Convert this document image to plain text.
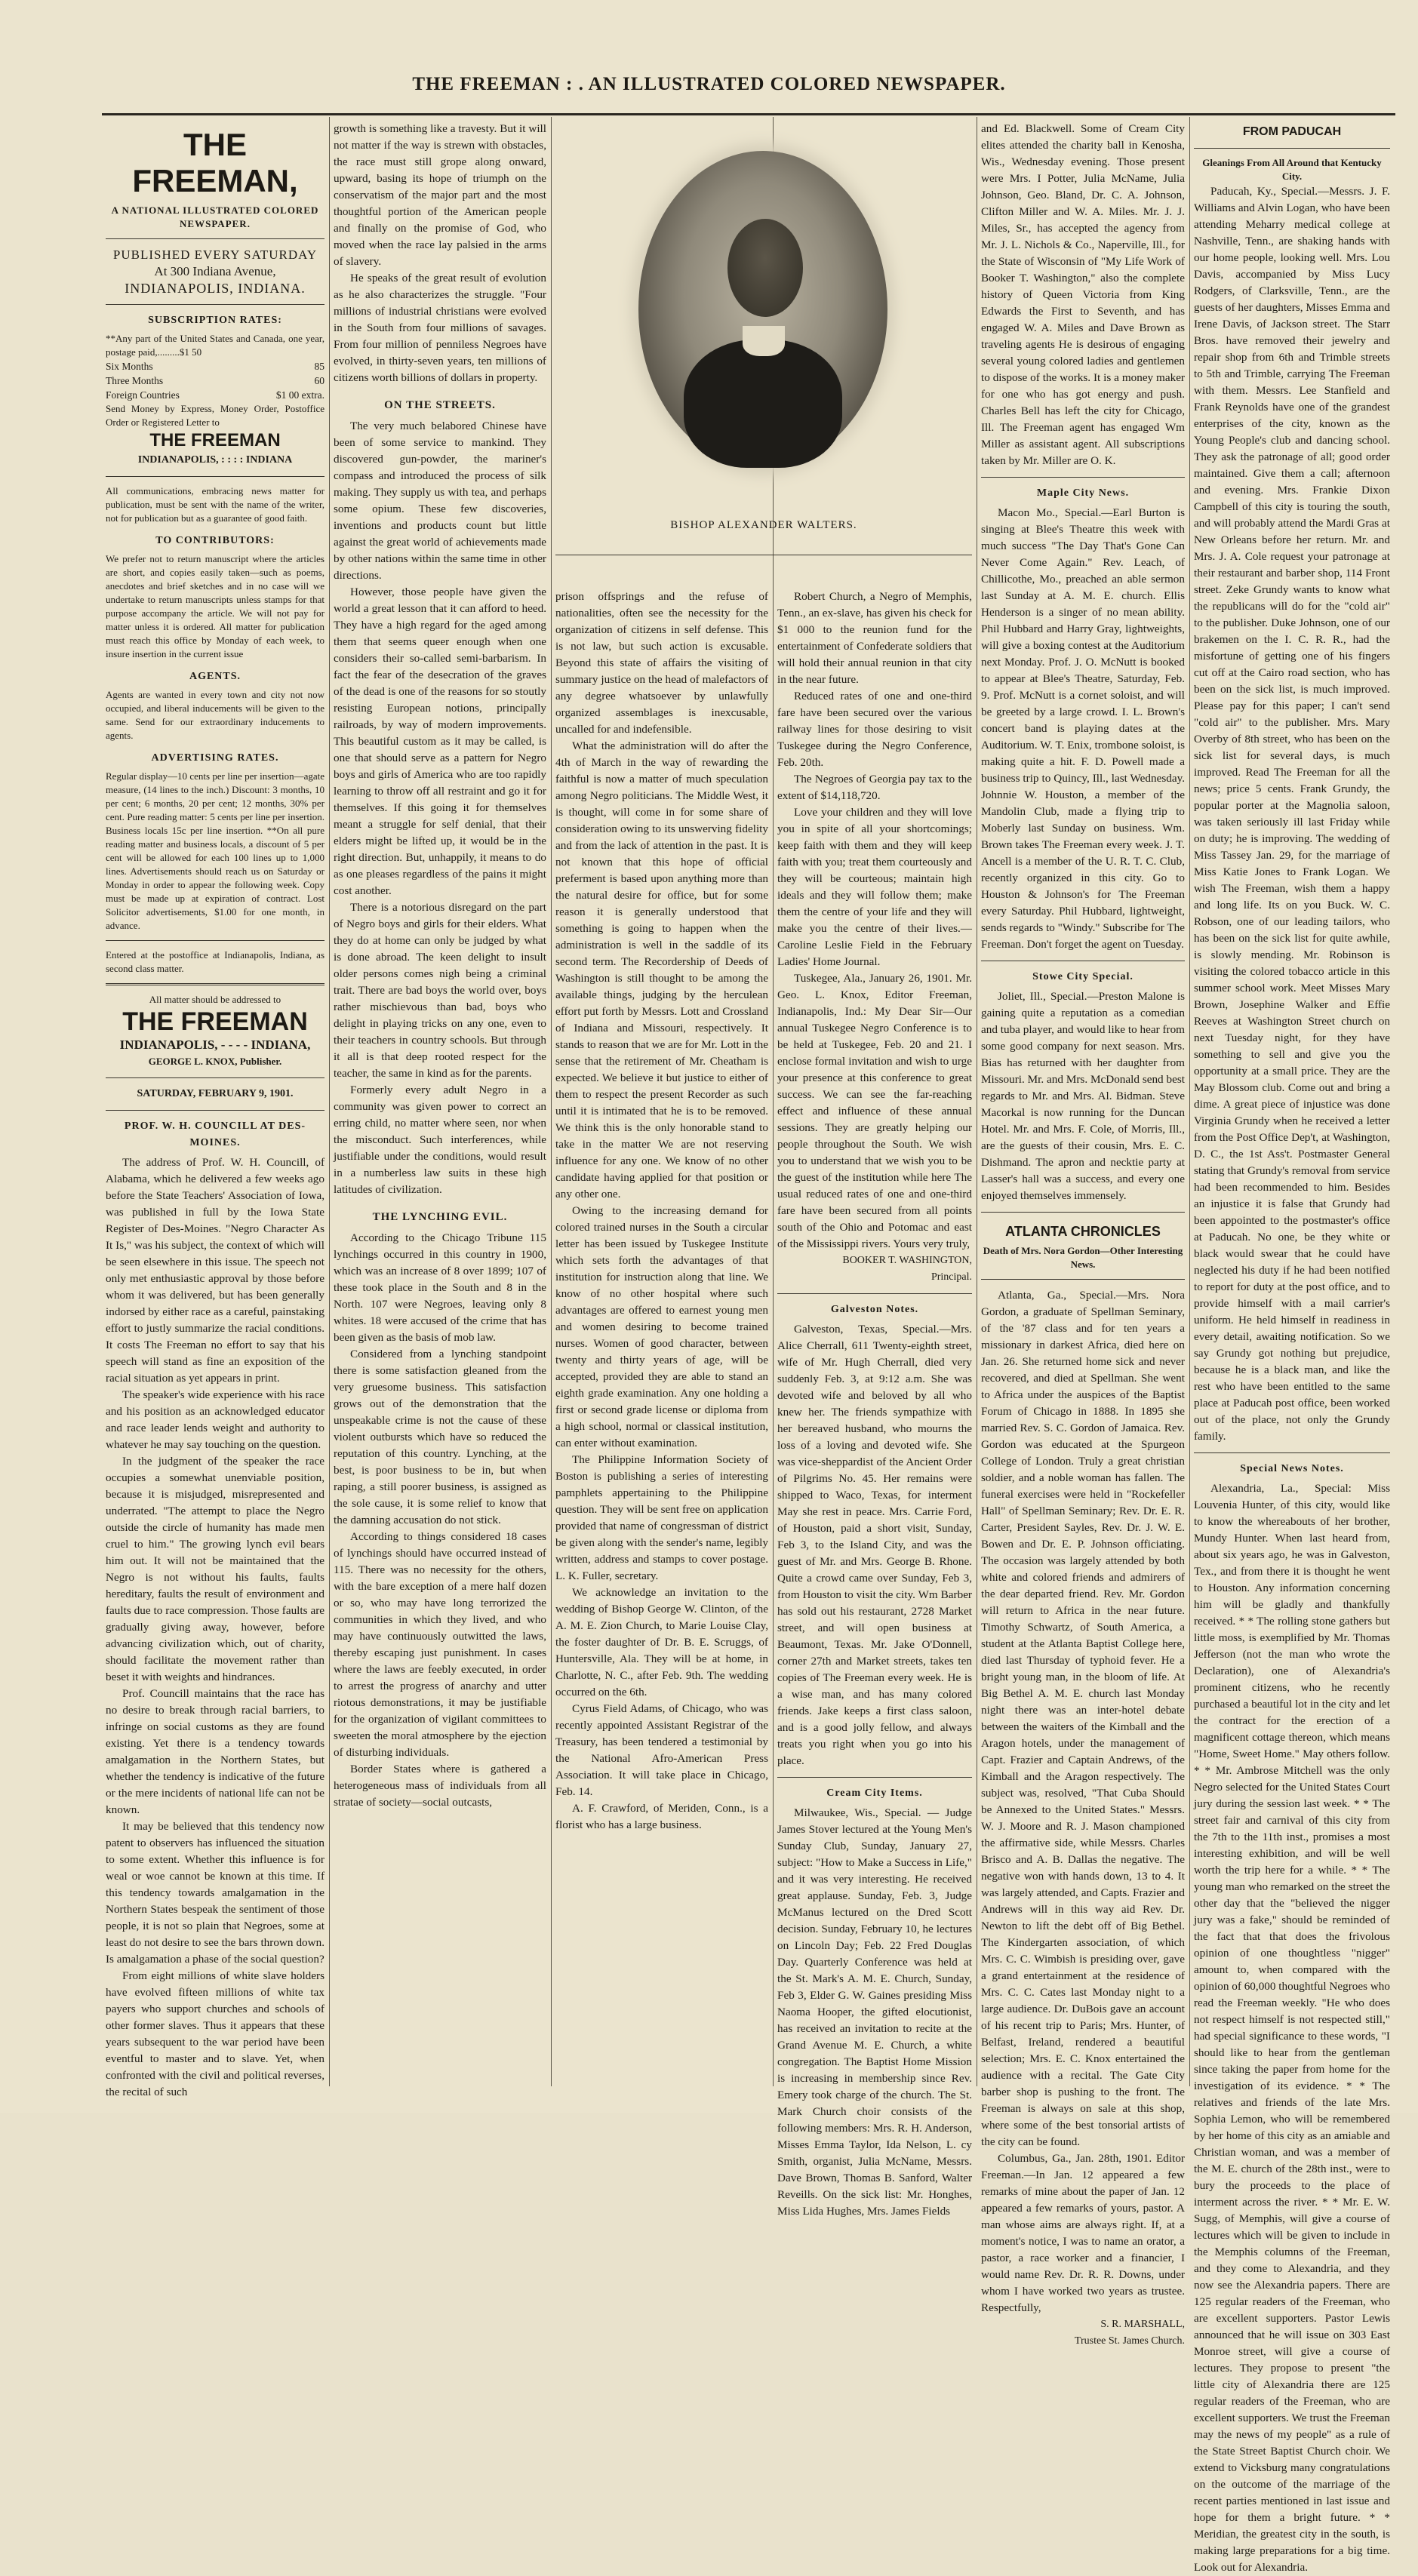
THE FREEMAN : . AN ILLUSTRATED COLORED NEWSPAPER.
THE FREEMAN,
A NATIONAL ILLUSTRATED COLORED NEWSPAPER.
PUBLISHED EVERY SATURDAY
At 300 Indiana Avenue,
INDIANAPOLIS, INDIANA.
SUBSCRIPTION RATES:
**Any part of the United States and Canada, one year, postage paid,.........$1 50
Six Months	85
Three Months	60
Foreign Countries	$1 00 extra.
Send Money by Express, Money Order, Postoffice Order or Registered Letter to
THE FREEMAN
INDIANAPOLIS, : : : : INDIANA
All communications, embracing news matter for publication, must be sent with the name of the writer, not for publication but as a guarantee of good faith.
TO CONTRIBUTORS:
We prefer not to return manuscript where the articles are short, and copies easily taken—such as poems, anecdotes and brief sketches and in no case will we undertake to return manuscripts unless stamps for that purpose accompany the article. We will not pay for matter unless it is ordered. All matter for publication must reach this office by Monday of each week, to insure insertion in the current issue
AGENTS.
Agents are wanted in every town and city not now occupied, and liberal inducements will be given to the same. Send for our extraordinary inducements to agents.
ADVERTISING RATES.
Regular display—10 cents per line per insertion—agate measure, (14 lines to the inch.) Discount: 3 months, 10 per cent; 6 months, 20 per cent; 12 months, 30% per cent. Pure reading matter: 5 cents per line per insertion. Business locals 15c per line insertion. **On all pure reading matter and business locals, a discount of 5 per cent will be allowed for each 100 lines up to 1,000 lines. Advertisements should reach us on Saturday or Monday in order to appear the following week. Copy must be made up at expiration of contract. Lost Solicitor advertisements, $1.00 for one month, in advance.
Entered at the postoffice at Indianapolis, Indiana, as second class matter.
All matter should be addressed to
THE FREEMAN
INDIANAPOLIS, - - - - INDIANA,
GEORGE L. KNOX, Publisher.
SATURDAY, FEBRUARY 9, 1901.
PROF. W. H. COUNCILL AT DES-MOINES.

The address of Prof. W. H. Councill, of Alabama, which he delivered a few weeks ago before the State Teachers' Association of Iowa, was published in full by the Iowa State Register of Des-Moines. "Negro Character As It Is," was his subject, the context of which will be seen elsewhere in this issue. The speech not only met enthusiastic approval by those before whom it was delivered, but has been generally indorsed by either race as a careful, painstaking effort to justly summarize the racial conditions. It costs The Freeman no effort to say that his speech will stand as fine an exposition of the racial situation as yet appears in print.

The speaker's wide experience with his race and his position as an acknowledged educator and race leader lends weight and authority to whatever he may say touching on the question.

In the judgment of the speaker the race occupies a somewhat unenviable position, because it is misjudged, misrepresented and underrated. "The attempt to place the Negro outside the circle of humanity has made men cruel to him." The growing lynch evil bears him out. It will not be maintained that the Negro is not without his faults, faults hereditary, faults the result of environment and faults due to race compression. Those faults are gradually giving away, however, before advancing civilization which, out of charity, should facilitate the movement rather than beset it with weights and hindrances.

Prof. Councill maintains that the race has no desire to break through racial barriers, to infringe on social customs as they are found existing. Yet there is a tendency towards amalgamation in the Northern States, but whether the tendency is indicative of the future or the mere incidents of national life can not be known.

It may be believed that this tendency now patent to observers has influenced the situation to some extent. Whether this influence is for weal or woe cannot be known at this time. If this tendency towards amalgamation in the Northern States bespeak the sentiment of those people, it is not so plain that Negroes, some at least do not desire to see the bars thrown down. Is amalgamation a phase of the social question?

From eight millions of white slave holders have evolved fifteen millions of white tax payers who support churches and schools of other former slaves. Thus it appears that these years subsequent to the war period have been eventful to master and to slave. Yet, when confronted with the civil and political reverses, the recital of such

growth is something like a travesty. But it will not matter if the way is strewn with obstacles, the race must still grope along onward, upward, basing its hope of triumph on the conservatism of the major part and the most thoughtful portion of the American people and finally on the promise of God, who moved when the race lay palsied in the arms of slavery.

He speaks of the great result of evolution as he also characterizes the struggle. "Four millions of industrial christians were evolved in the South from four millions of savages. From four million of penniless Negroes have evolved, in thirty-seven years, ten millions of citizens worth billions of dollars in property.

ON THE STREETS.

The very much belabored Chinese have been of some service to mankind. They discovered gun-powder, the mariner's compass and introduced the process of silk making. They supply us with tea, and perhaps some opium. These few discoveries, inventions and products count but little against the great world of achievements made by other nations within the same time in other directions.

However, those people have given the world a great lesson that it can afford to heed. They have a high regard for the aged among them that seems queer enough when one considers their so-called semi-barbarism. In fact the fear of the desecration of the graves of the dead is one of the reasons for so stoutly resisting European notions, principally railroads, by way of modern improvements. This beautiful custom as it may be called, is one that should serve as a pattern for Negro boys and girls of America who are too rapidly learning to throw off all restraint and go it for themselves. If this going it for themselves meant a struggle for self denial, that their elders might be lifted up, it would be in the right direction. But, unhappily, it means to do as one pleases regardless of the pains it might cost another.

There is a notorious disregard on the part of Negro boys and girls for their elders. What they do at home can only be judged by what is done abroad. The keen delight to insult older persons comes nigh being a criminal trait. There are bad boys the world over, boys rather mischievous than bad, boys who delight in playing tricks on any one, even to their teachers in country schools. But through it all is that deep rooted respect for the teacher, the same in kind as for the parents.

Formerly every adult Negro in a community was given power to correct an erring child, no matter where seen, nor when the misconduct. Such interferences, while justifiable under the conditions, would result in a numberless law suits in these high latitudes of civilization.

THE LYNCHING EVIL.

According to the Chicago Tribune 115 lynchings occurred in this country in 1900, which was an increase of 8 over 1899; 107 of these took place in the South and 8 in the North. 107 were Negroes, leaving only 8 whites. 18 were accused of the crime that has been given as the basis of mob law.

Considered from a lynching standpoint there is some satisfaction gleaned from the very gruesome business. This satisfaction grows out of the demonstration that the unspeakable crime is not the cause of these violent outbursts which have so reduced the reputation of this country. Lynching, at the best, is poor business to be in, but when raping, a still poorer business, is assigned as the sole cause, it is some relief to know that the damning accusation do not stick.

According to things considered 18 cases of lynchings should have occurred instead of 115. There was no necessity for the others, with the bare exception of a mere half dozen or so, who may have long terrorized the communities in which they lived, and who may have continuously outwitted the laws, thereby escaping just punishment. In cases where the laws are feebly executed, in order to arrest the progress of anarchy and utter riotous demonstrations, it may be justifiable for the organization of vigilant committees to sweeten the moral atmosphere by the ejection of disturbing individuals.

Border States where is gathered a heterogeneous mass of individuals from all stratae of society—social outcasts,

BISHOP ALEXANDER WALTERS.

prison offsprings and the refuse of nationalities, often see the necessity for the organization of citizens in self defense. This is not law, but such action is excusable. Beyond this state of affairs the visiting of summary justice on the head of malefactors of any degree whatsoever by unlawfully organized assemblages is inexcusable, uncalled for and indefensible.

What the administration will do after the 4th of March in the way of rewarding the faithful is now a matter of much speculation among Negro politicians. The Middle West, it is thought, will come in for some share of consideration owing to its unswerving fidelity and from the lack of attention in the past. It is not known that this hope of official preferment is based upon anything more than the natural desire for office, but for some reason it is generally understood that something is going to happen when the administration is well in the saddle of its second term. The Recordership of Deeds of Washington is still thought to be among the available things, judging by the herculean effort put forth by Messrs. Lott and Crossland of Indiana and Missouri, respectively. It stands to reason that we are for Mr. Lott in the sense that the retirement of Mr. Cheatham is expected. We believe it but justice to either of them to respect the present Recorder as such until it is intimated that he is to be removed. We think this is the only honorable stand to take in the matter We are not reserving influence for any one. We know of no other candidate having applied for that position or any other one.

Owing to the increasing demand for colored trained nurses in the South a circular letter has been issued by Tuskegee Institute which sets forth the advantages of that institution for instruction along that line. We know of no other hospital where such advantages are offered to earnest young men and women desiring to become trained nurses. Women of good character, between twenty and thirty years of age, will be accepted, provided they are able to stand an eighth grade examination. Any one holding a first or second grade license or diploma from a high school, normal or classical institution, can enter without examination.

The Philippine Information Society of Boston is publishing a series of interesting pamphlets appertaining to the Philippine question. They will be sent free on application provided that name of congressman of district be given along with the sender's name, legibly written, address and stamps to cover postage. L. K. Fuller, secretary.

We acknowledge an invitation to the wedding of Bishop George W. Clinton, of the A. M. E. Zion Church, to Marie Louise Clay, the foster daughter of Dr. B. E. Scruggs, of Huntersville, Ala. They will be at home, in Charlotte, N. C., after Feb. 9th. The wedding occurred on the 6th.

Cyrus Field Adams, of Chicago, who was recently appointed Assistant Registrar of the Treasury, has been tendered a testimonial by the National Afro-American Press Association. It will take place in Chicago, Feb. 14.

A. F. Crawford, of Meriden, Conn., is a florist who has a large business.

Robert Church, a Negro of Memphis, Tenn., an ex-slave, has given his check for $1 000 to the reunion fund for the entertainment of Confederate soldiers that will hold their annual reunion in that city in the near future.

Reduced rates of one and one-third fare have been secured over the various railway lines for those desiring to visit Tuskegee during the Negro Conference, Feb. 20th.

The Negroes of Georgia pay tax to the extent of $14,118,720.

Love your children and they will love you in spite of all your shortcomings; keep faith with them and they will keep faith with you; treat them courteously and they will be courteous; maintain high ideals and they will follow them; make them the centre of your life and they will make you the centre of their lives.— Caroline Leslie Field in the February Ladies' Home Journal.

Tuskegee, Ala., January 26, 1901. Mr. Geo. L. Knox, Editor Freeman, Indianapolis, Ind.: My Dear Sir—Our annual Tuskegee Negro Conference is to be held at Tuskegee, Feb. 20 and 21. I enclose formal invitation and wish to urge your presence at this conference to great success. We can see the far-reaching effect and influence of these annual sessions. They are greatly helping our people throughout the South. We wish you to understand that we wish you to be the guest of the institution while here The usual reduced rates of one and one-third fare have been secured from all points south of the Ohio and Potomac and east of the Mississippi rivers. Yours very truly,

BOOKER T. WASHINGTON,
Principal.
Galveston Notes.

Galveston, Texas, Special.—Mrs. Alice Cherrall, 611 Twenty-eighth street, wife of Mr. Hugh Cherrall, died very suddenly Feb. 3, at 9:12 a.m. She was devoted wife and beloved by all who knew her. The friends sympathize with her bereaved husband, who mourns the loss of a loving and devoted wife. She was vice-sheppardist of the Ancient Order of Pilgrims No. 45. Her remains were shipped to Waco, Texas, for interment May she rest in peace. Mrs. Carrie Ford, of Houston, paid a short visit, Sunday, Feb 3, to the Island City, and was the guest of Mr. and Mrs. George B. Rhone. Quite a crowd came over Sunday, Feb 3, from Houston to visit the city. Wm Barber has sold out his restaurant, 2728 Market street, and will open business at Beaumont, Texas. Mr. Jake O'Donnell, corner 27th and Market streets, takes ten copies of The Freeman every week. He is a wise man, and has many colored friends. Jake keeps a first class saloon, and is a good jolly fellow, and always treats you right when you go into his place.

Cream City Items.

Milwaukee, Wis., Special. — Judge James Stover lectured at the Young Men's Sunday Club, Sunday, January 27, subject: "How to Make a Success in Life," and it was very interesting. He received great applause. Sunday, Feb. 3, Judge McManus lectured on the Dred Scott decision. Sunday, February 10, he lectures on Lincoln Day; Feb. 22 Fred Douglas Day. Quarterly Conference was held at the St. Mark's A. M. E. Church, Sunday, Feb 3, Elder G. W. Gaines presiding Miss Naoma Hooper, the gifted elocutionist, has received an invitation to recite at the Grand Avenue M. E. Church, a white congregation. The Baptist Home Mission is increasing in membership since Rev. Emery took charge of the church. The St. Mark Church choir consists of the following members: Mrs. R. H. Anderson, Misses Emma Taylor, Ida Nelson, L. cy Smith, organist, Julia McName, Messrs. Dave Brown, Thomas B. Sanford, Walter Reveills. On the sick list: Mr. Honghes, Miss Lida Hughes, Mrs. James Fields

and Ed. Blackwell. Some of Cream City elites attended the charity ball in Kenosha, Wis., Wednesday evening. Those present were Mrs. I Potter, Julia McName, Julia Johnson, Geo. Bland, Dr. C. A. Johnson, Clifton Miller and W. A. Miles. Mr. J. J. Miles, Sr., has accepted the agency from Mr. J. L. Nichols & Co., Naperville, Ill., for the State of Wisconsin of "My Life Work of Booker T. Washington," also the complete history of Queen Victoria from King Edwards the First to Seventh, and has engaged W. A. Miles and Dave Brown as traveling agents He is desirous of engaging several young colored ladies and gentlemen to dispose of the works. It is a money maker for one who has got energy and push. Charles Bell has left the city for Chicago, Ill. The Freeman agent has engaged Wm Miller as assistant agent. All subscriptions taken by Mr. Miller are O. K.

Maple City News.

Macon Mo., Special.—Earl Burton is singing at Blee's Theatre this week with much success "The Day That's Gone Can Never Come Again." Rev. Leach, of Chillicothe, Mo., preached an able sermon last Sunday at A. M. E. church. Ellis Henderson is a singer of no mean ability. Phil Hubbard and Harry Gray, lightweights, will give a boxing contest at the Auditorium next Monday. Prof. J. O. McNutt is booked to appear at Blee's Theatre, Saturday, Feb. 9. Prof. McNutt is a cornet soloist, and will be greeted by a large crowd. I. L. Brown's concert band is playing dates at the Auditorium. W. T. Enix, trombone soloist, is making quite a hit. F. D. Powell made a business trip to Quincy, Ill., last Wednesday. Johnnie W. Houston, a member of the Mandolin Club, made a flying trip to Moberly last Sunday on business. Wm. Brown takes The Freeman every week. J. T. Ancell is a member of the U. R. T. C. Club, recently organized in this city. Go to Houston & Johnson's for The Freeman every Saturday. Phil Hubbard, lightweight, sends regards to "Windy." Subscribe for The Freeman. Don't forget the agent on Tuesday.

Stowe City Special.

Joliet, Ill., Special.—Preston Malone is gaining quite a reputation as a comedian and tuba player, and would like to hear from some good company for next season. Mrs. Bias has returned with her daughter from Missouri. Mr. and Mrs. McDonald send best regards to Mr. and Mrs. Al. Bidman. Steve Macorkal is now running for the Duncan Hotel. Mr. and Mrs. F. Cole, of Morris, Ill., are the guests of their cousin, Mrs. E. C. Dishmand. The apron and necktie party at Lasser's hall was a success, and every one enjoyed themselves immensely.

ATLANTA CHRONICLES
Death of Mrs. Nora Gordon—Other Interesting News.

Atlanta, Ga., Special.—Mrs. Nora Gordon, a graduate of Spellman Seminary, of the '87 class and for ten years a missionary in darkest Africa, died here on Jan. 26. She returned home sick and never recovered, and died at Spellman. She went to Africa under the auspices of the Baptist Forum of Chicago in 1888. In 1895 she married Rev. S. C. Gordon of Jamaica. Rev. Gordon was educated at the Spurgeon College of London. Truly a great christian soldier, and a noble woman has fallen. The funeral exercises were held in "Rockefeller Hall" of Spellman Seminary; Rev. Dr. E. R. Carter, President Sayles, Rev. Dr. J. W. E. Bowen and Dr. E. P. Johnson officiating. The occasion was largely attended by both white and colored friends and admirers of the dear departed friend. Rev. Mr. Gordon will return to Africa in the near future. Timothy Schwartz, of South America, a student at the Atlanta Baptist College here, died last Thursday of typhoid fever. He a bright young man, in the bloom of life. At Big Bethel A. M. E. church last Monday night there was an inter-hotel debate between the waiters of the Kimball and the Aragon hotels, under the management of Capt. Frazier and Captain Andrews, of the Kimball and the Aragon respectively. The subject was, resolved, "That Cuba Should be Annexed to the United States." Messrs. W. J. Moore and R. J. Mason championed the affirmative side, while Messrs. Charles Brisco and A. B. Dallas the negative. The negative won with hands down, 13 to 4. It was largely attended, and Capts. Frazier and Andrews will in this way aid Rev. Dr. Newton to lift the debt off of Big Bethel. The Kindergarten association, of which Mrs. C. C. Wimbish is presiding over, gave a grand entertainment at the residence of Mrs. C. C. Cates last Monday night to a large audience. Dr. DuBois gave an account of his recent trip to Paris; Mrs. Hunter, of Belfast, Ireland, rendered a beautiful selection; Mrs. E. C. Knox entertained the audience with a recital. The Gate City barber shop is pushing to the front. The Freeman is always on sale at this shop, where some of the best tonsorial artists of the city can be found.

Columbus, Ga., Jan. 28th, 1901. Editor Freeman.—In Jan. 12 appeared a few remarks of mine about the paper of Jan. 12 appeared a few remarks of yours, pastor. A man whose aims are always right. If, at a moment's notice, I was to name an orator, a pastor, a race worker and a financier, I would name Rev. Dr. R. R. Downs, under whom I have worked two years as trustee. Respectfully,

S. R. MARSHALL,
Trustee St. James Church.
FROM PADUCAH
Gleanings From All Around that Kentucky City.

Paducah, Ky., Special.—Messrs. J. F. Williams and Alvin Logan, who have been attending Meharry medical college at Nashville, Tenn., are shaking hands with our home people, looking well. Mrs. Lou Davis, accompanied by Miss Lucy Rodgers, of Clarksville, Tenn., are the guests of her daughters, Misses Emma and Irene Davis, of Jackson street. The Starr Bros. have removed their jewelry and repair shop from 6th and Trimble streets to 5th and Trimble, carrying The Freeman with them. Messrs. Lee Stanfield and Frank Reynolds have one of the grandest enterprises of the city, known as the Young People's club and dancing school. They ask the patronage of all; good order maintained. Give them a call; afternoon and evening. Mrs. Frankie Dixon Campbell of this city is touring the south, and will probably attend the Mardi Gras at New Orleans before her return. Mr. and Mrs. J. A. Cole request your patronage at their restaurant and barber shop, 114 Front street. Zeke Grundy wants to know what the republicans will do for the "cold air" to the publisher. Duke Johnson, one of our brakemen on the I. C. R. R., had the misfortune of getting one of his fingers cut off at the Cairo road section, who has been on the sick list, is much improved. Please pay for this paper; I can't send "cold air" to the publisher. Mrs. Mary Overby of 8th street, who has been on the sick list for several days, is much improved. Read The Freeman for all the news; price 5 cents. Frank Grundy, the popular porter at the Magnolia saloon, was taken seriously ill last Friday while on duty; he is improving. The wedding of Miss Tassey Jan. 29, for the marriage of Miss Katie Jones to Frank Logan. We wish The Freeman, wish them a happy and long life. Its on you Buck. W. C. Robson, one of our leading tailors, who has been on the sick list for quite awhile, is slowly mending. Mr. Robinson is visiting the colored tobacco article in this summer school work. Meet Misses Mary Brown, Josephine Walker and Effie Reeves at Washington Street church on next Tuesday night, for they have something to sell and give you the opportunity at a small price. They are the May Blossom club. Come out and bring a dime. A great piece of injustice was done Virginia Grundy when he received a letter from the Post Office Dep't, at Washington, D. C., the 1st Ass't. Postmaster General stating that Grundy's removal from service had been recommended to him. Besides an injustice it is false that Grundy had been appointed to the postmaster's office at Paducah. No one, be they white or black would swear that he could have neglected his duty if he had been notified to report for duty at the post office, and to provide himself with a mail carrier's uniform. He held himself in readiness in every detail, awaiting notification. So we say Grundy got nothing but prejudice, because he is a black man, and like the rest who have been entitled to the same place at Paducah post office, been worked out of the place, not only the Grundy family.

Special News Notes.

Alexandria, La., Special: Miss Louvenia Hunter, of this city, would like to know the whereabouts of her brother, Mundy Hunter. When last heard from, about six years ago, he was in Galveston, Tex., and from there it is thought he went to Houston. Any information concerning him will be gladly and thankfully received. * * The rolling stone gathers but little moss, is exemplified by Mr. Thomas Jefferson (not the man who wrote the Declaration), one of Alexandria's prominent citizens, who he recently purchased a beautiful lot in the city and let the contract for the erection of a magnificent cottage thereon, which means "Home, Sweet Home." May others follow. * * Mr. Ambrose Mitchell was the only Negro selected for the United States Court jury during the session last week. * * The street fair and carnival of this city from the 7th to the 11th inst., promises a most interesting exhibition, and will be well worth the trip here for a while. * * The young man who remarked on the street the other day that the "believed the nigger jury was a fake," should be reminded of the fact that that does the frivolous opinion of one thoughtless "nigger" amount to, when compared with the opinion of 60,000 thoughtful Negroes who read the Freeman weekly. "He who does not respect himself is not respected still," had special significance to these words, "I should like to hear from the gentleman since taking the paper from home for the investigation of its evidence. * * The relatives and friends of the late Mrs. Sophia Lemon, who will be remembered by her home of this city as an amiable and Christian woman, and was a member of the M. E. church of the 28th inst., were to bury the proceeds to the place of interment across the river. * * Mr. E. W. Sugg, of Memphis, will give a course of lectures which will be given to include in the Memphis columns of the Freeman, and they come to Alexandria, and they now see the Alexandria papers. There are 125 regular readers of the Freeman, who are excellent supporters. Pastor Lewis announced that he will issue on 303 East Monroe street, will give a course of lectures. They propose to present "the little city of Alexandria there are 125 regular readers of the Freeman, who are excellent supporters. We trust the Freeman may the news of my people" as a rule of the State Street Baptist Church choir. We extend to Vicksburg many congratulations on the outcome of the marriage of the recent parties mentioned in last issue and hope for them a bright future. * * Meridian, the greatest city in the south, is making large preparations for a big time. Look out for Alexandria.
